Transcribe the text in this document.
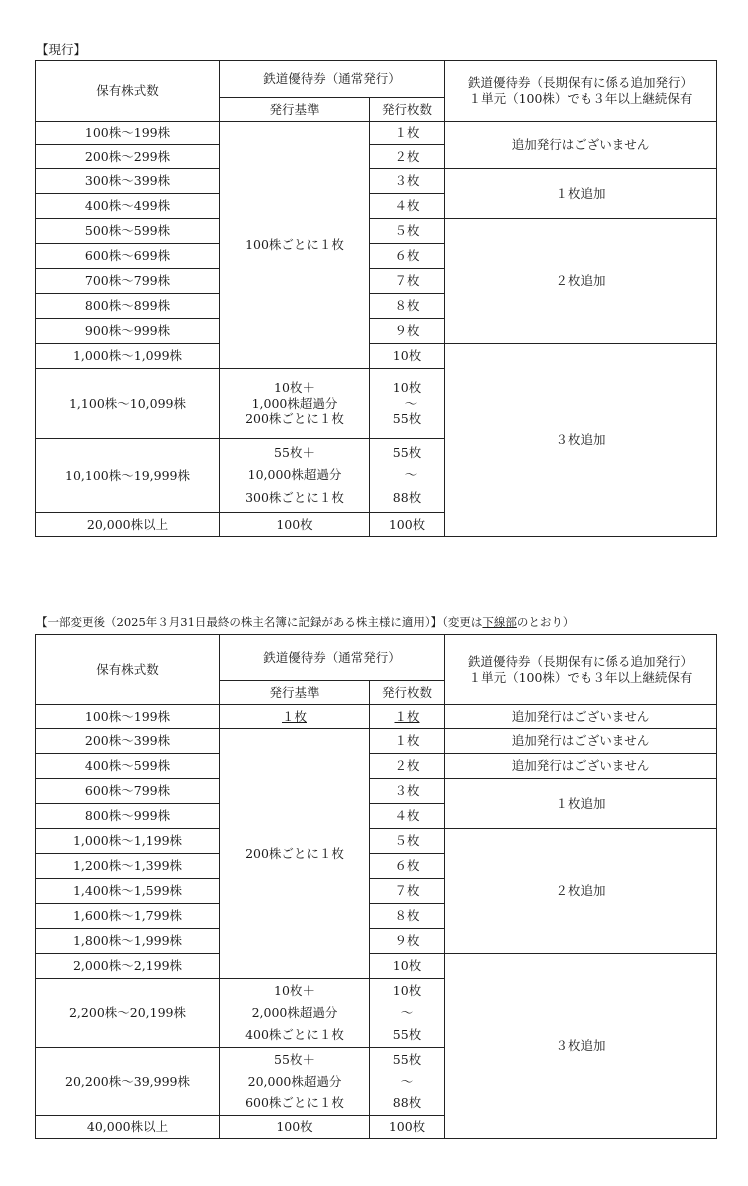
【現行】
保有株式数	鉄道優待券（通常発行）		鉄道優待券（長期保有に係る追加発行）
１単元（100株）でも３年以上継続保有

	発行基準	発行枚数	
100株～199株	100株ごとに１枚	１枚	追加発行はございません
200株～299株		２枚	
300株～399株		３枚	１枚追加
400株～499株		４枚	
500株～599株		５枚	２枚追加
600株～699株		６枚	
700株～799株		７枚	
800株～899株		８枚	
900株～999株		９枚	
1,000株～1,099株		10枚	３枚追加
1,100株～10,099株	10枚＋
1,000株超過分
200株ごとに１枚	10枚
～
55枚	

10,100株～19,999株	55枚＋
10,000株超過分
300株ごとに１枚	55枚
～
88枚	

20,000株以上	100枚	100枚	
【一部変更後（2025年３月31日最終の株主名簿に記録がある株主様に適用）】（変更は下線部のとおり）
保有株式数	鉄道優待券（通常発行）		鉄道優待券（長期保有に係る追加発行）
１単元（100株）でも３年以上継続保有

	発行基準	発行枚数	
100株～199株	１枚	１枚	追加発行はございません
200株～399株	200株ごとに１枚	１枚	追加発行はございません
400株～599株		２枚	追加発行はございません
600株～799株		３枚	１枚追加
800株～999株		４枚	
1,000株～1,199株		５枚	２枚追加
1,200株～1,399株		６枚	
1,400株～1,599株		７枚	
1,600株～1,799株		８枚	
1,800株～1,999株		９枚	
2,000株～2,199株		10枚	３枚追加
2,200株～20,199株	10枚＋
2,000株超過分
400株ごとに１枚	10枚
～
55枚	

20,200株～39,999株	55枚＋
20,000株超過分
600株ごとに１枚	55枚
～
88枚	

40,000株以上	100枚	100枚	
